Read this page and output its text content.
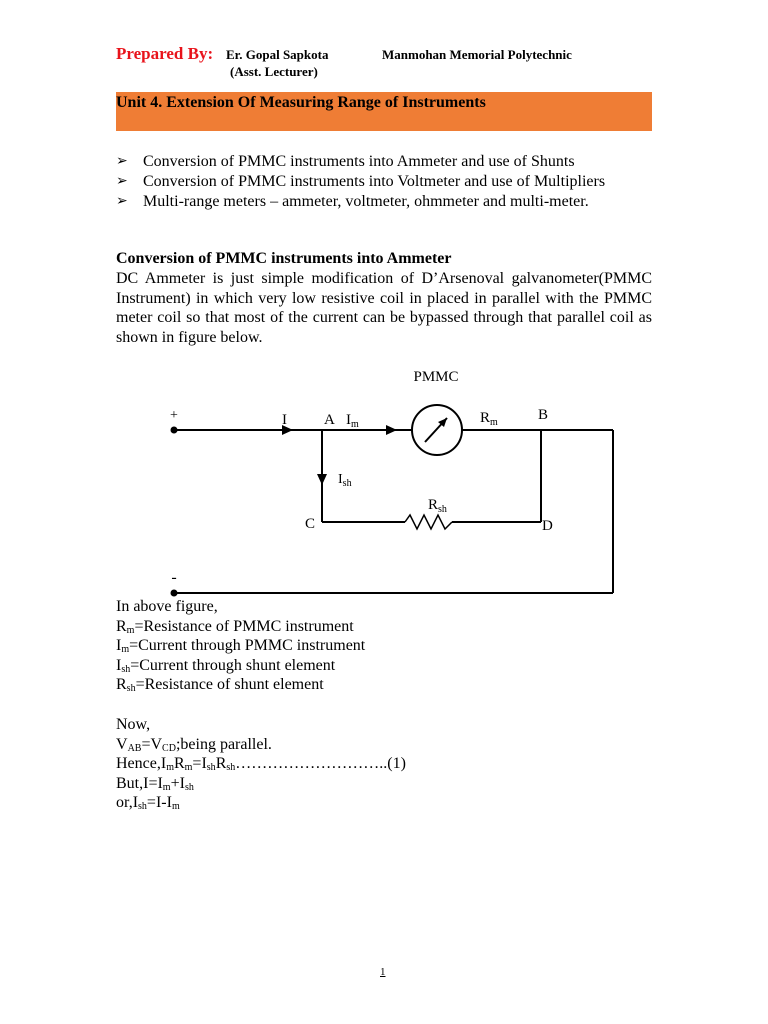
Prepared By: Er. Gopal Sapkota	Manmohan Memorial Polytechnic
(Asst. Lecturer)
Unit 4. Extension Of Measuring Range of Instruments
➢ Conversion of PMMC instruments into Ammeter and use of Shunts
➢ Conversion of PMMC instruments into Voltmeter and use of Multipliers
➢ Multi-range meters – ammeter, voltmeter, ohmmeter and multi-meter.
Conversion of PMMC instruments into Ammeter
DC Ammeter is just simple modification of D’Arsenoval galvanometer(PMMC Instrument) in which very low resistive coil in placed in parallel with the PMMC meter coil so that most of the current can be bypassed through that parallel coil as shown in figure below.
PMMC
+
-
I A $I_m$	$R_m$	B
$I_{sh}$
$R_{sh}$
C	D
In above figure,
$R_m=Resistance$ of PMMC instrument
$I_m=Current$ through PMMC instrument
$I_{sh}=Current$ through shunt element
$R_{sh}=Resistance$ of shunt element
Now,
$V_{AB}=V_{CD};being$ parallel.
$Hence,I_mR_m=I_{sh}R_{sh}\dots\dots\dots\dots\dots\dots\dots\dots\dots..(1)$
$But,I=I_m+I_{sh}$
$or,I_{sh}=I-I_m$
1
